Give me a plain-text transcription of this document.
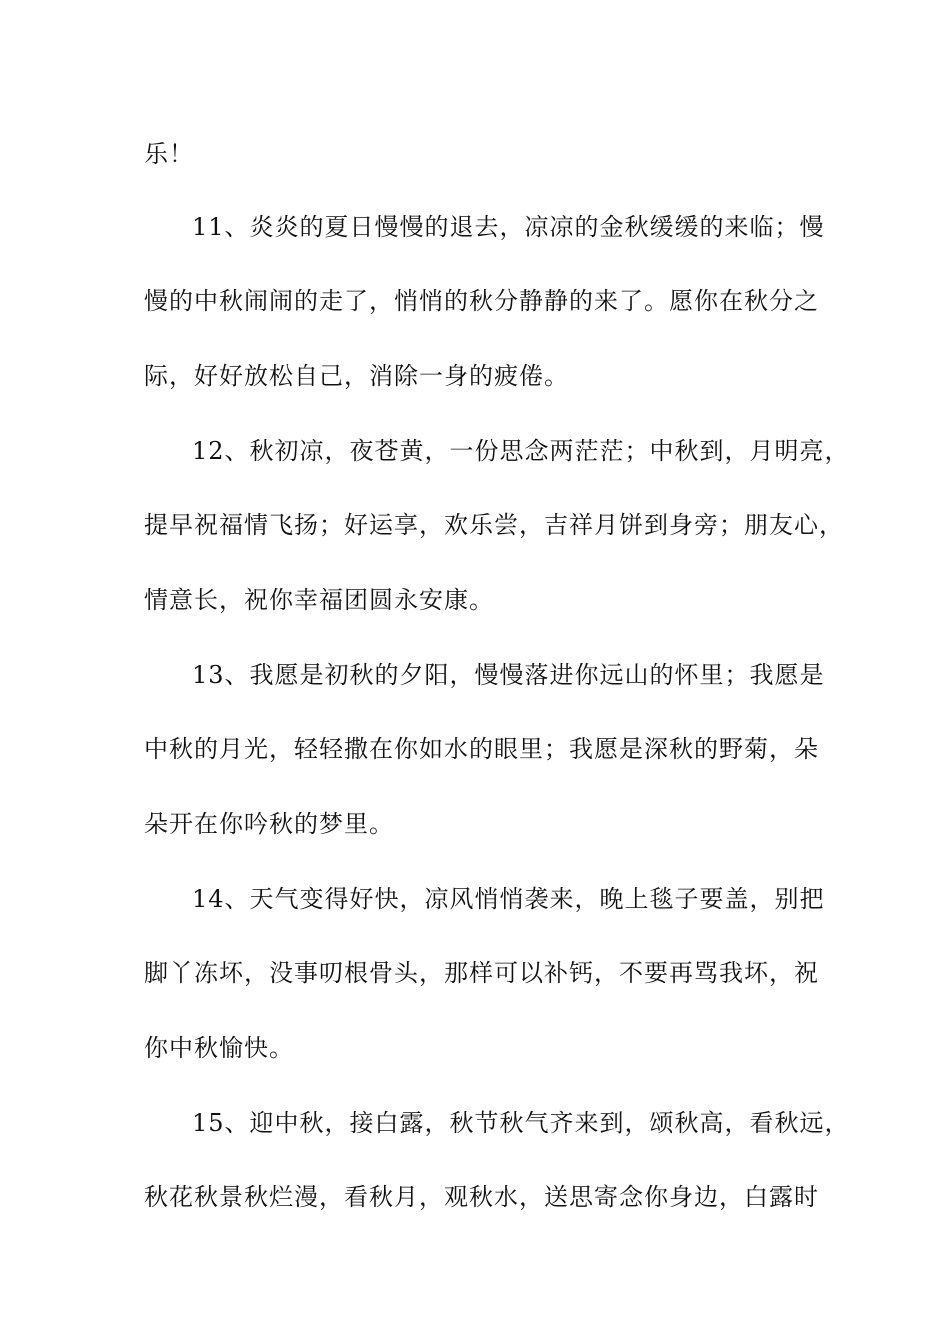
乐！
11、炎炎的夏日慢慢的退去，凉凉的金秋缓缓的来临；慢
慢的中秋闹闹的走了，悄悄的秋分静静的来了。愿你在秋分之
际，好好放松自己，消除一身的疲倦。
12、秋初凉，夜苍黄，一份思念两茫茫；中秋到，月明亮，
提早祝福情飞扬；好运享，欢乐尝，吉祥月饼到身旁；朋友心，
情意长，祝你幸福团圆永安康。
13、我愿是初秋的夕阳，慢慢落进你远山的怀里；我愿是
中秋的月光，轻轻撒在你如水的眼里；我愿是深秋的野菊，朵
朵开在你吟秋的梦里。
14、天气变得好快，凉风悄悄袭来，晚上毯子要盖，别把
脚丫冻坏，没事叨根骨头，那样可以补钙，不要再骂我坏，祝
你中秋愉快。
15、迎中秋，接白露，秋节秋气齐来到，颂秋高，看秋远，
秋花秋景秋烂漫，看秋月，观秋水，送思寄念你身边，白露时
